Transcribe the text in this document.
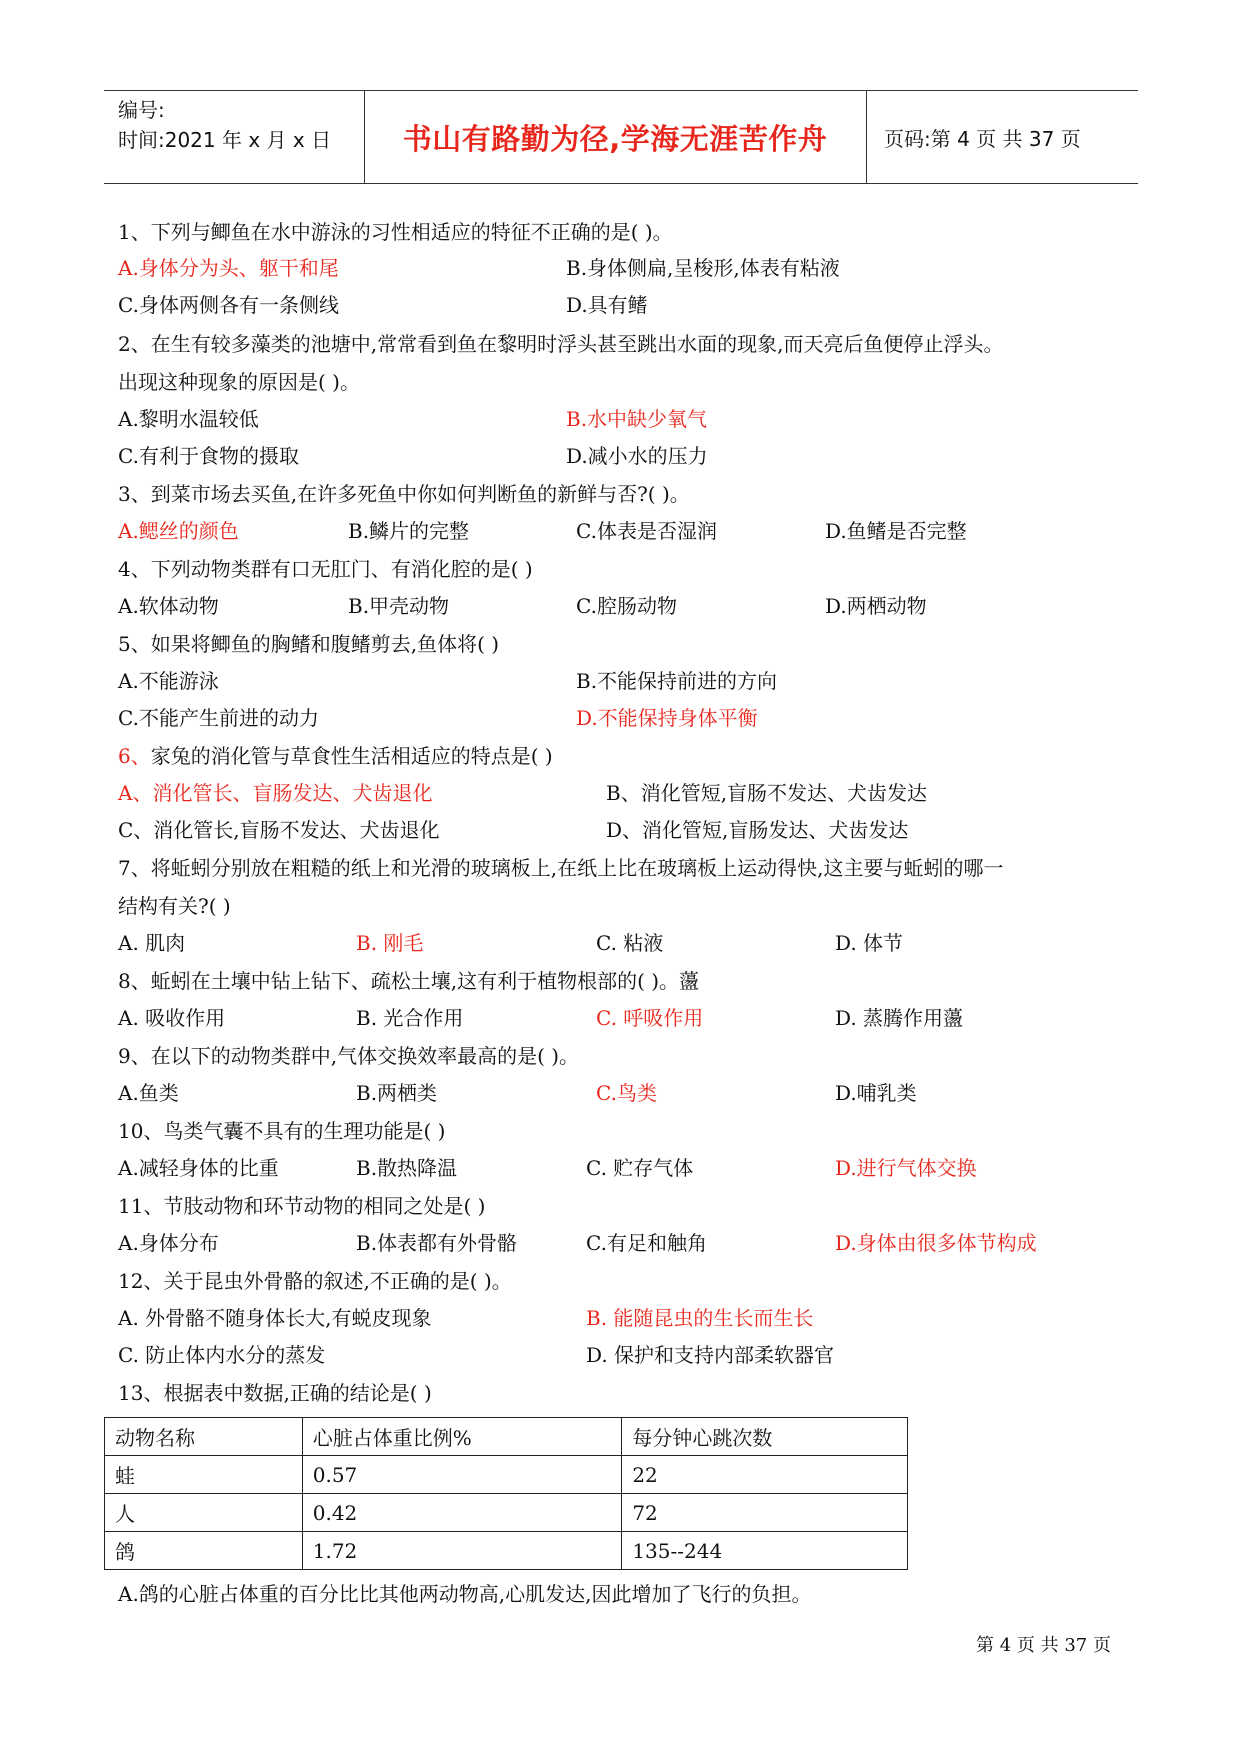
编号:
时间:2021 年 x 月 x 日	书山有路勤为径,学海无涯苦作舟	页码:第 4 页 共 37 页
1、下列与鲫鱼在水中游泳的习性相适应的特征不正确的是( )。
A.身体分为头、躯干和尾	B.身体侧扁,呈梭形,体表有粘液
C.身体两侧各有一条侧线	D.具有鳍
2、在生有较多藻类的池塘中,常常看到鱼在黎明时浮头甚至跳出水面的现象,而天亮后鱼便停止浮头。
出现这种现象的原因是( )。
A.黎明水温较低	B.水中缺少氧气
C.有利于食物的摄取	D.减小水的压力
3、到菜市场去买鱼,在许多死鱼中你如何判断鱼的新鲜与否?( )。
A.鳃丝的颜色	B.鳞片的完整	C.体表是否湿润	D.鱼鳍是否完整
4、下列动物类群有口无肛门、有消化腔的是( )
A.软体动物	B.甲壳动物	C.腔肠动物	D.两栖动物
5、如果将鲫鱼的胸鳍和腹鳍剪去,鱼体将( )
A.不能游泳	B.不能保持前进的方向
C.不能产生前进的动力	D.不能保持身体平衡
6、家兔的消化管与草食性生活相适应的特点是( )
A、消化管长、盲肠发达、犬齿退化	B、消化管短,盲肠不发达、犬齿发达
C、消化管长,盲肠不发达、犬齿退化	D、消化管短,盲肠发达、犬齿发达
7、将蚯蚓分别放在粗糙的纸上和光滑的玻璃板上,在纸上比在玻璃板上运动得快,这主要与蚯蚓的哪一
结构有关?( )
A. 肌肉	B. 刚毛	C. 粘液	D. 体节
8、蚯蚓在土壤中钻上钻下、疏松土壤,这有利于植物根部的( )。蘯
A. 吸收作用	B. 光合作用	C. 呼吸作用	D. 蒸腾作用蘯
9、在以下的动物类群中,气体交换效率最高的是( )。
A.鱼类	B.两栖类	C.鸟类	D.哺乳类
10、鸟类气囊不具有的生理功能是( )
A.减轻身体的比重	B.散热降温	C. 贮存气体	D.进行气体交换
11、节肢动物和环节动物的相同之处是( )
A.身体分布	B.体表都有外骨骼	C.有足和触角	D.身体由很多体节构成
12、关于昆虫外骨骼的叙述,不正确的是( )。
A. 外骨骼不随身体长大,有蜕皮现象	B. 能随昆虫的生长而生长
C. 防止体内水分的蒸发	D. 保护和支持内部柔软器官
13、根据表中数据,正确的结论是( )
动物名称	心脏占体重比例%	每分钟心跳次数
蛙	0.57	22
人	0.42	72
鸽	1.72	135--244
A.鸽的心脏占体重的百分比比其他两动物高,心肌发达,因此增加了飞行的负担。
第 4 页 共 37 页
